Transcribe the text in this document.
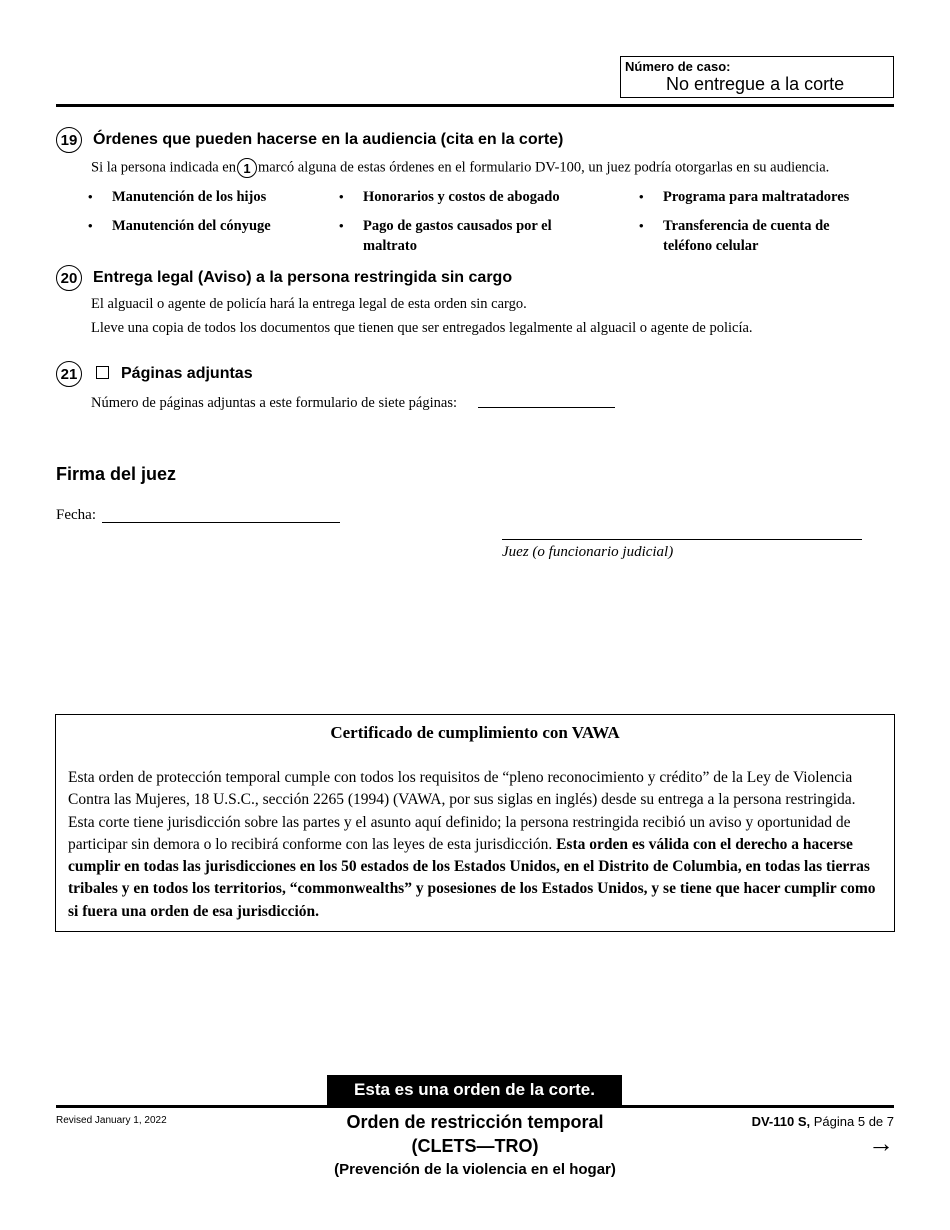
Número de caso:
No entregue a la corte
19 Órdenes que pueden hacerse en la audiencia (cita en la corte)
Si la persona indicada en 1 marcó alguna de estas órdenes en el formulario DV-100, un juez podría otorgarlas en su audiencia.
• Manutención de los hijos	• Honorarios y costos de abogado	• Programa para maltratadores
• Manutención del cónyuge	• Pago de gastos causados por el maltrato
• Transferencia de cuenta de teléfono celular
20 Entrega legal (Aviso) a la persona restringida sin cargo
El alguacil o agente de policía hará la entrega legal de esta orden sin cargo.
Lleve una copia de todos los documentos que tienen que ser entregados legalmente al alguacil o agente de policía.
21	Páginas adjuntas
Número de páginas adjuntas a este formulario de siete páginas:
Firma del juez
Fecha:
Juez (o funcionario judicial)
Certificado de cumplimiento con VAWA
Esta orden de protección temporal cumple con todos los requisitos de “pleno reconocimiento y crédito” de la Ley de Violencia Contra las Mujeres, 18 U.S.C., sección 2265 (1994) (VAWA, por sus siglas en inglés) desde su entrega a la persona restringida. Esta corte tiene jurisdicción sobre las partes y el asunto aquí definido; la persona restringida recibió un aviso y oportunidad de participar sin demora o lo recibirá conforme con las leyes de esta jurisdicción. Esta orden es válida con el derecho a hacerse cumplir en todas las jurisdicciones en los 50 estados de los Estados Unidos, en el Distrito de Columbia, en todas las tierras tribales y en todos los territorios, “commonwealths” y posesiones de los Estados Unidos, y se tiene que hacer cumplir como si fuera una orden de esa jurisdicción.
Esta es una orden de la corte.
Revised January 1, 2022	Orden de restricción temporal
(CLETS—TRO)
(Prevención de la violencia en el hogar)
DV-110 S, Página 5 de 7
→
